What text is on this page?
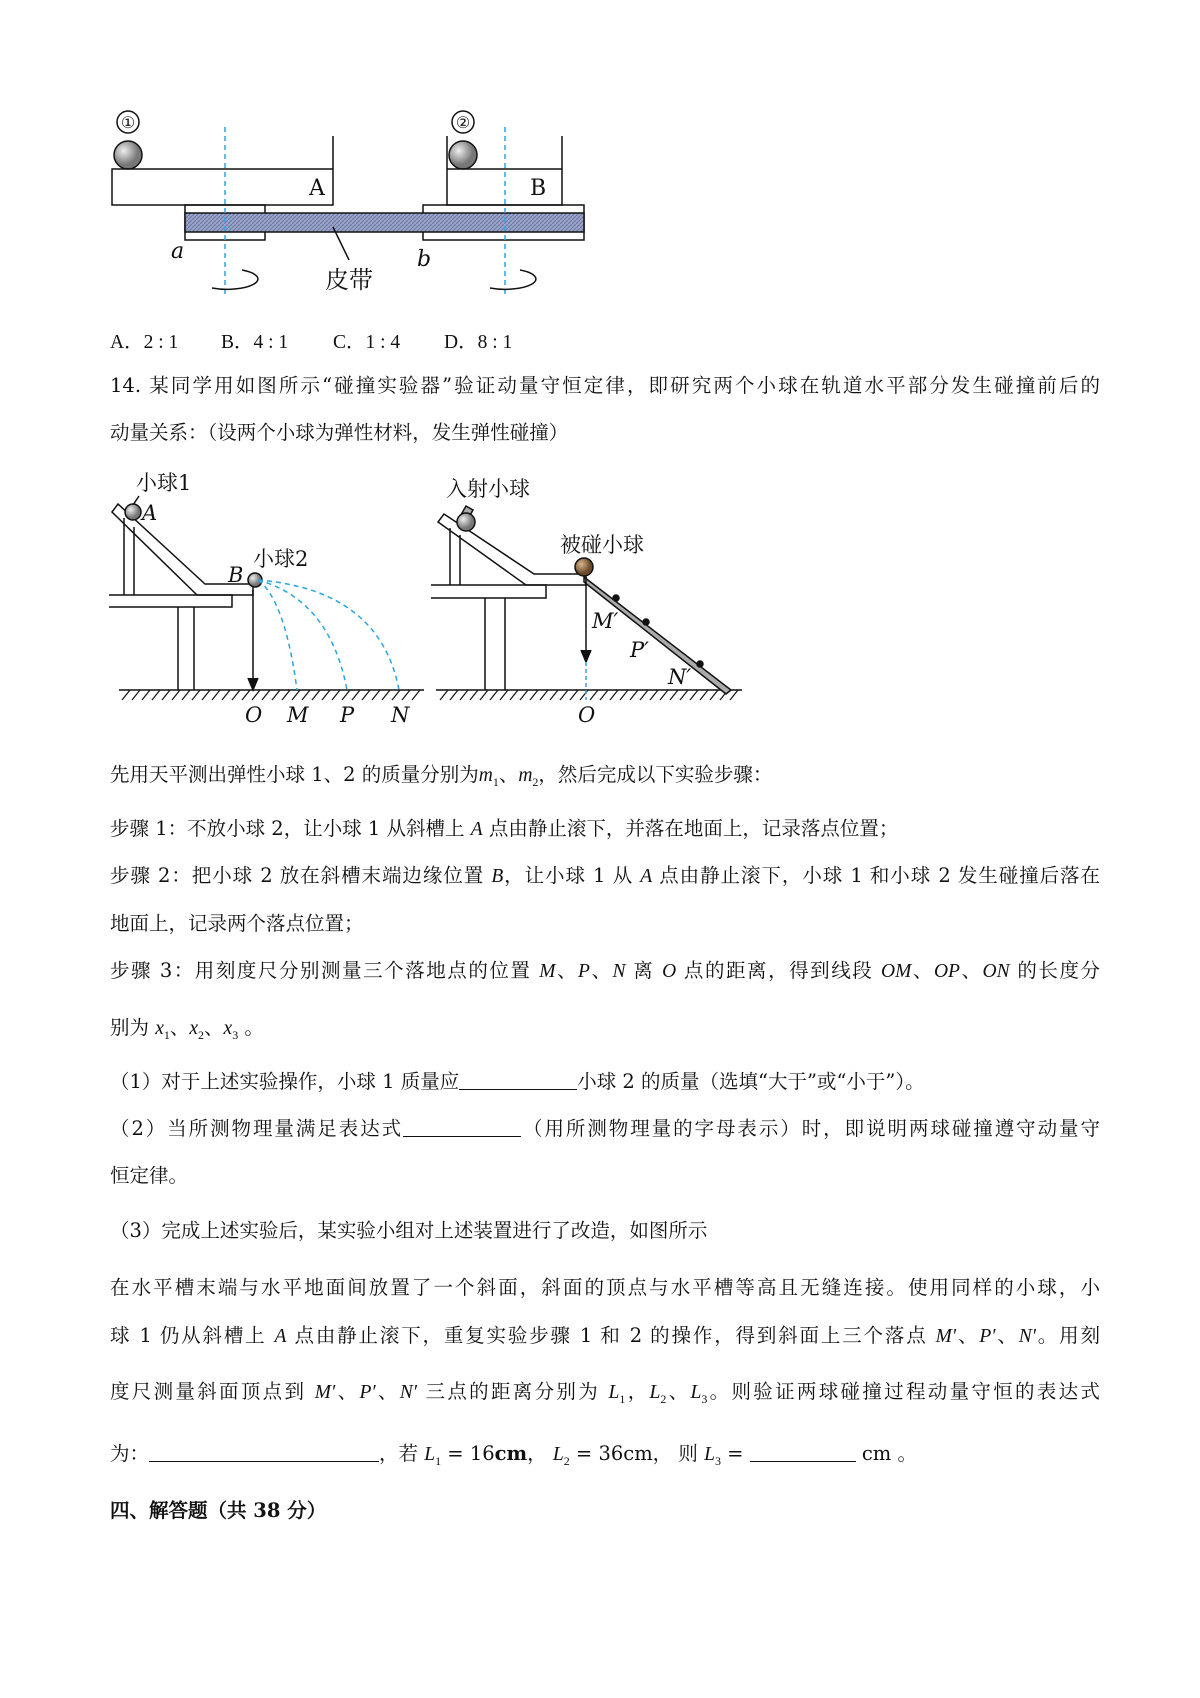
①
A
②
B
a	b
皮带
小球1
A
小球2
B
O M P N
入射小球
被碰小球
M′
P′
N′
O
A．2 : 1 B．4 : 1 C．1 : 4 D．8 : 1
14. 某同学用如图所示“碰撞实验器”验证动量守恒定律，即研究两个小球在轨道水平部分发生碰撞前后的
动量关系：（设两个小球为弹性材料，发生弹性碰撞）
先用天平测出弹性小球 1、2 的质量分别为$m_1$、$m_2$，然后完成以下实验步骤：
步骤 1：不放小球 2，让小球 1 从斜槽上 A 点由静止滚下，并落在地面上，记录落点位置；
步骤 2：把小球 2 放在斜槽末端边缘位置 B，让小球 1 从 A 点由静止滚下，小球 1 和小球 2 发生碰撞后落在
地面上，记录两个落点位置；
步骤 3：用刻度尺分别测量三个落地点的位置 M、P、N 离 O 点的距离，得到线段 OM、OP、ON 的长度分
别为 $x_1$、$x_2$、$x_3$ 。
（1）对于上述实验操作，小球 1 质量应	小球 2 的质量（选填“大于”或“小于”）。
（2）当所测物理量满足表达式	（用所测物理量的字母表示）时，即说明两球碰撞遵守动量守
恒定律。
（3）完成上述实验后，某实验小组对上述装置进行了改造，如图所示
在水平槽末端与水平地面间放置了一个斜面，斜面的顶点与水平槽等高且无缝连接。使用同样的小球，小
球 1 仍从斜槽上 A 点由静止滚下，重复实验步骤 1 和 2 的操作，得到斜面上三个落点 M′、P′、N′。用刻
度尺测量斜面顶点到 M′、P′、N′ 三点的距离分别为 $L_1$，$L_2$、$L_3$。则验证两球碰撞过程动量守恒的表达式
为：	，若 $L_1 = 16cm$， $L_2 = 36cm$， 则 $L_3$ =	cm 。
四、解答题（共 38 分）
